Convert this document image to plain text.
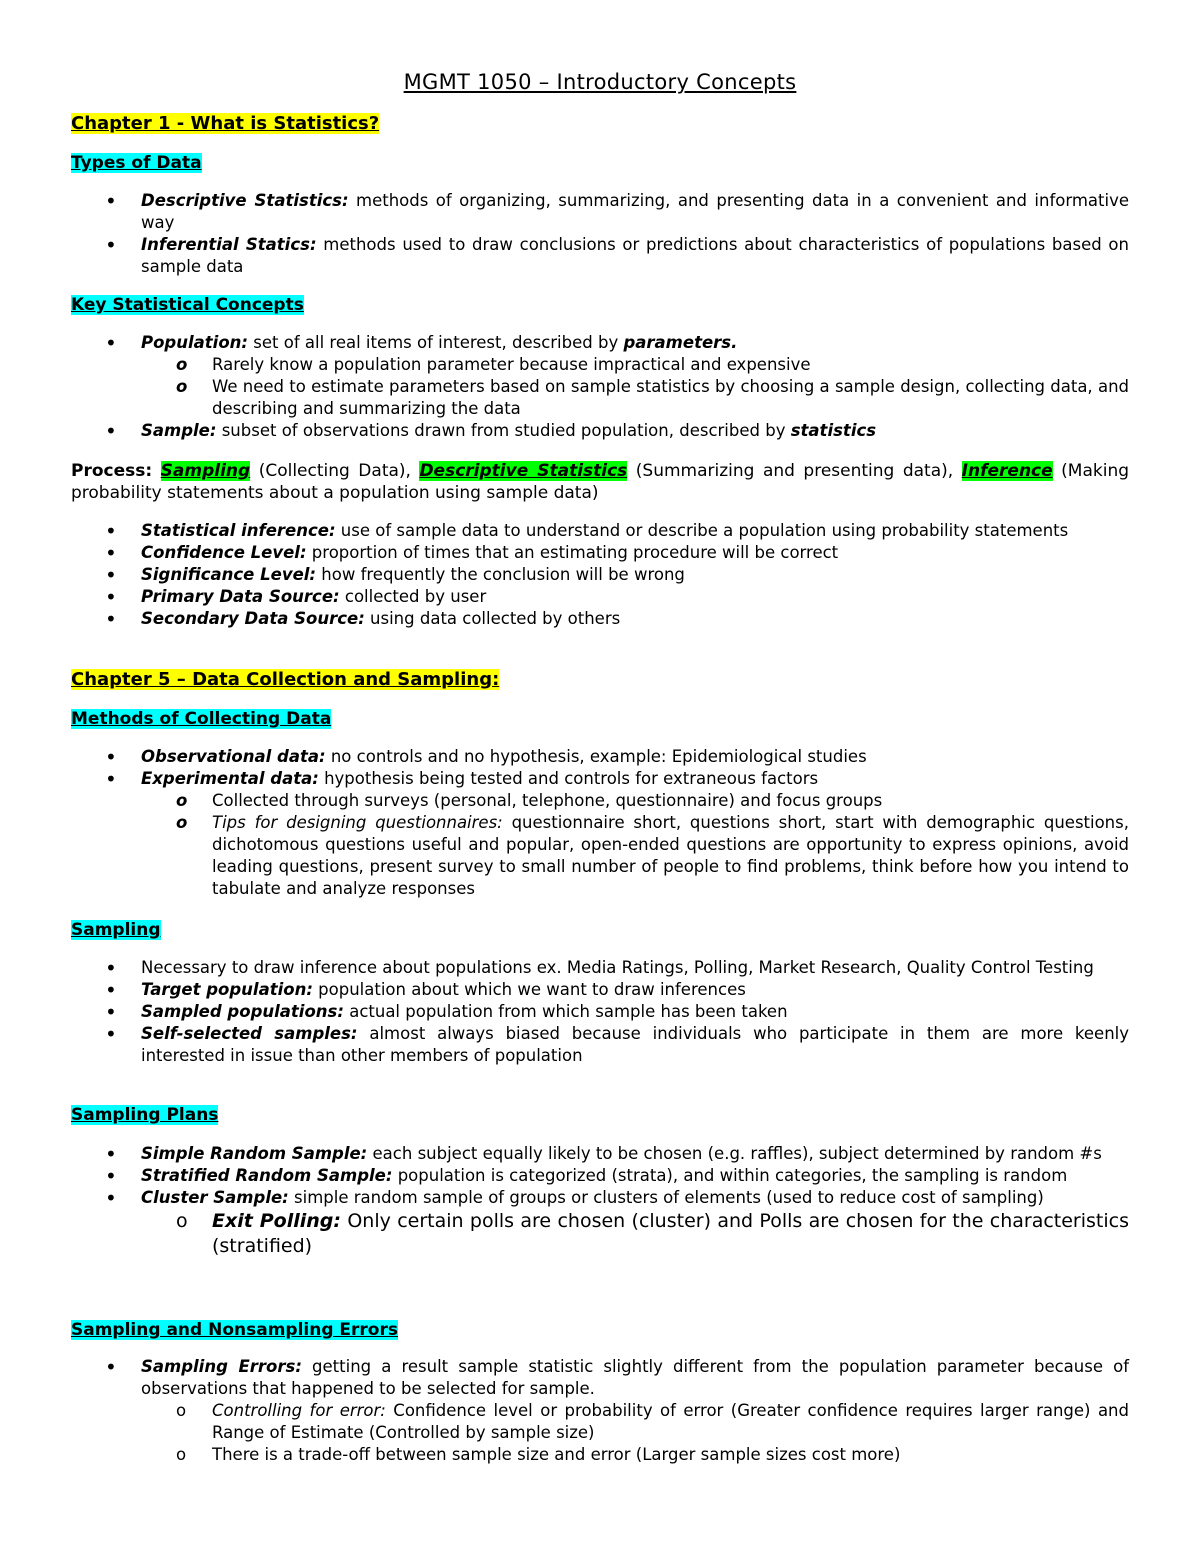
MGMT 1050 – Introductory Concepts
Chapter 1 - What is Statistics?
Types of Data
• Descriptive Statistics: methods of organizing, summarizing, and presenting data in a convenient and informative way
• Inferential Statics: methods used to draw conclusions or predictions about characteristics of populations based on sample data
Key Statistical Concepts
• Population: set of all real items of interest, described by parameters.
o Rarely know a population parameter because impractical and expensive
o We need to estimate parameters based on sample statistics by choosing a sample design, collecting data, and describing and summarizing the data
• Sample: subset of observations drawn from studied population, described by statistics

Process: Sampling (Collecting Data), Descriptive Statistics (Summarizing and presenting data), Inference (Making probability statements about a population using sample data)

• Statistical inference: use of sample data to understand or describe a population using probability statements
• Confidence Level: proportion of times that an estimating procedure will be correct
• Significance Level: how frequently the conclusion will be wrong
• Primary Data Source: collected by user
• Secondary Data Source: using data collected by others
Chapter 5 – Data Collection and Sampling:
Methods of Collecting Data
• Observational data: no controls and no hypothesis, example: Epidemiological studies
• Experimental data: hypothesis being tested and controls for extraneous factors
o Collected through surveys (personal, telephone, questionnaire) and focus groups
o Tips for designing questionnaires: questionnaire short, questions short, start with demographic questions, dichotomous questions useful and popular, open-ended questions are opportunity to express opinions, avoid leading questions, present survey to small number of people to find problems, think before how you intend to tabulate and analyze responses
Sampling
• Necessary to draw inference about populations ex. Media Ratings, Polling, Market Research, Quality Control Testing
• Target population: population about which we want to draw inferences
• Sampled populations: actual population from which sample has been taken
• Self-selected samples: almost always biased because individuals who participate in them are more keenly interested in issue than other members of population
Sampling Plans
• Simple Random Sample: each subject equally likely to be chosen (e.g. raffles), subject determined by random #s
• Stratified Random Sample: population is categorized (strata), and within categories, the sampling is random
• Cluster Sample: simple random sample of groups or clusters of elements (used to reduce cost of sampling)
o Exit Polling: Only certain polls are chosen (cluster) and Polls are chosen for the characteristics (stratified)
Sampling and Nonsampling Errors
• Sampling Errors: getting a result sample statistic slightly different from the population parameter because of observations that happened to be selected for sample.
o Controlling for error: Confidence level or probability of error (Greater confidence requires larger range) and Range of Estimate (Controlled by sample size)
o There is a trade-off between sample size and error (Larger sample sizes cost more)
